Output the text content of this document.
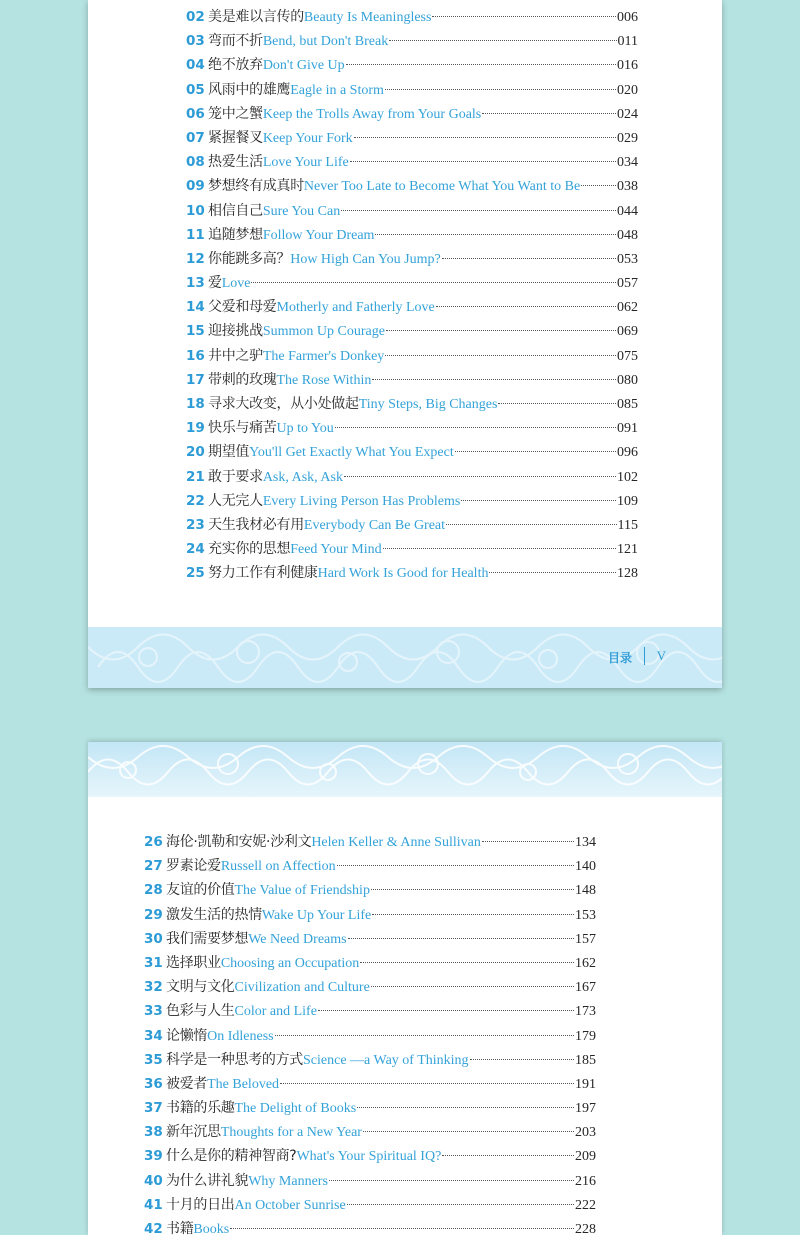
02 美是难以言传的 Beauty Is Meaningless	006
03 弯而不折 Bend, but Don't Break	011
04 绝不放弃 Don't Give Up	016
05 风雨中的雄鹰 Eagle in a Storm	020
06 笼中之蟹 Keep the Trolls Away from Your Goals	024
07 紧握餐叉 Keep Your Fork	029
08 热爱生活 Love Your Life	034
09 梦想终有成真时 Never Too Late to Become What You Want to Be	038
10 相信自己 Sure You Can	044
11 追随梦想 Follow Your Dream	048
12 你能跳多高？ How High Can You Jump?	053
13 爱 Love	057
14 父爱和母爱 Motherly and Fatherly Love	062
15 迎接挑战 Summon Up Courage	069
16 井中之驴 The Farmer's Donkey	075
17 带刺的玫瑰 The Rose Within	080
18 寻求大改变，从小处做起 Tiny Steps, Big Changes	085
19 快乐与痛苦 Up to You	091
20 期望值 You'll Get Exactly What You Expect	096
21 敢于要求 Ask, Ask, Ask	102
22 人无完人 Every Living Person Has Problems	109
23 天生我材必有用 Everybody Can Be Great	115
24 充实你的思想 Feed Your Mind	121
25 努力工作有利健康 Hard Work Is Good for Health	128
目录 V
26 海伦·凯勒和安妮·沙利文 Helen Keller & Anne Sullivan	134
27 罗素论爱 Russell on Affection	140
28 友谊的价值 The Value of Friendship	148
29 激发生活的热情 Wake Up Your Life	153
30 我们需要梦想 We Need Dreams	157
31 选择职业 Choosing an Occupation	162
32 文明与文化 Civilization and Culture	167
33 色彩与人生 Color and Life	173
34 论懒惰 On Idleness	179
35 科学是一种思考的方式 Science —a Way of Thinking	185
36 被爱者 The Beloved	191
37 书籍的乐趣 The Delight of Books	197
38 新年沉思 Thoughts for a New Year	203
39 什么是你的精神智商? What's Your Spiritual IQ?	209
40 为什么讲礼貌 Why Manners	216
41 十月的日出 An October Sunrise	222
42 书籍 Books	228
